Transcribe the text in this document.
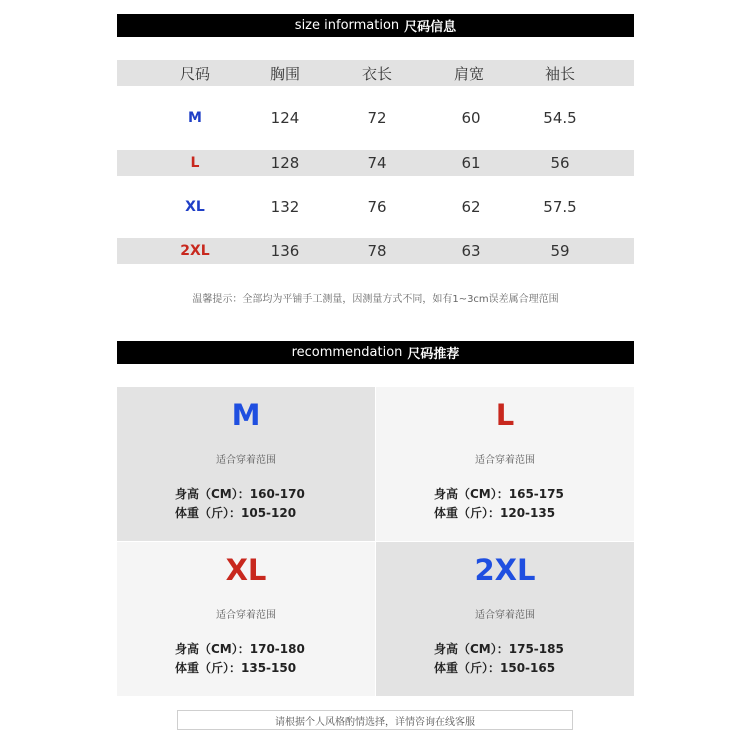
size information 尺码信息
尺码	胸围	衣长	肩宽	袖长
M	124	72	60	54.5
L	128	74	61	56
XL	132	76	62	57.5
2XL	136	78	63	59
温馨提示：全部均为平铺手工测量，因测量方式不同，如有1~3cm误差属合理范围
recommendation 尺码推荐
M
适合穿着范围
身高（CM）：160-170
体重（斤）：105-120
L
适合穿着范围
身高（CM）：165-175
体重（斤）：120-135
XL
适合穿着范围
身高（CM）：170-180
体重（斤）：135-150
2XL
适合穿着范围
身高（CM）：175-185
体重（斤）：150-165
请根据个人风格酌情选择，详情咨询在线客服
